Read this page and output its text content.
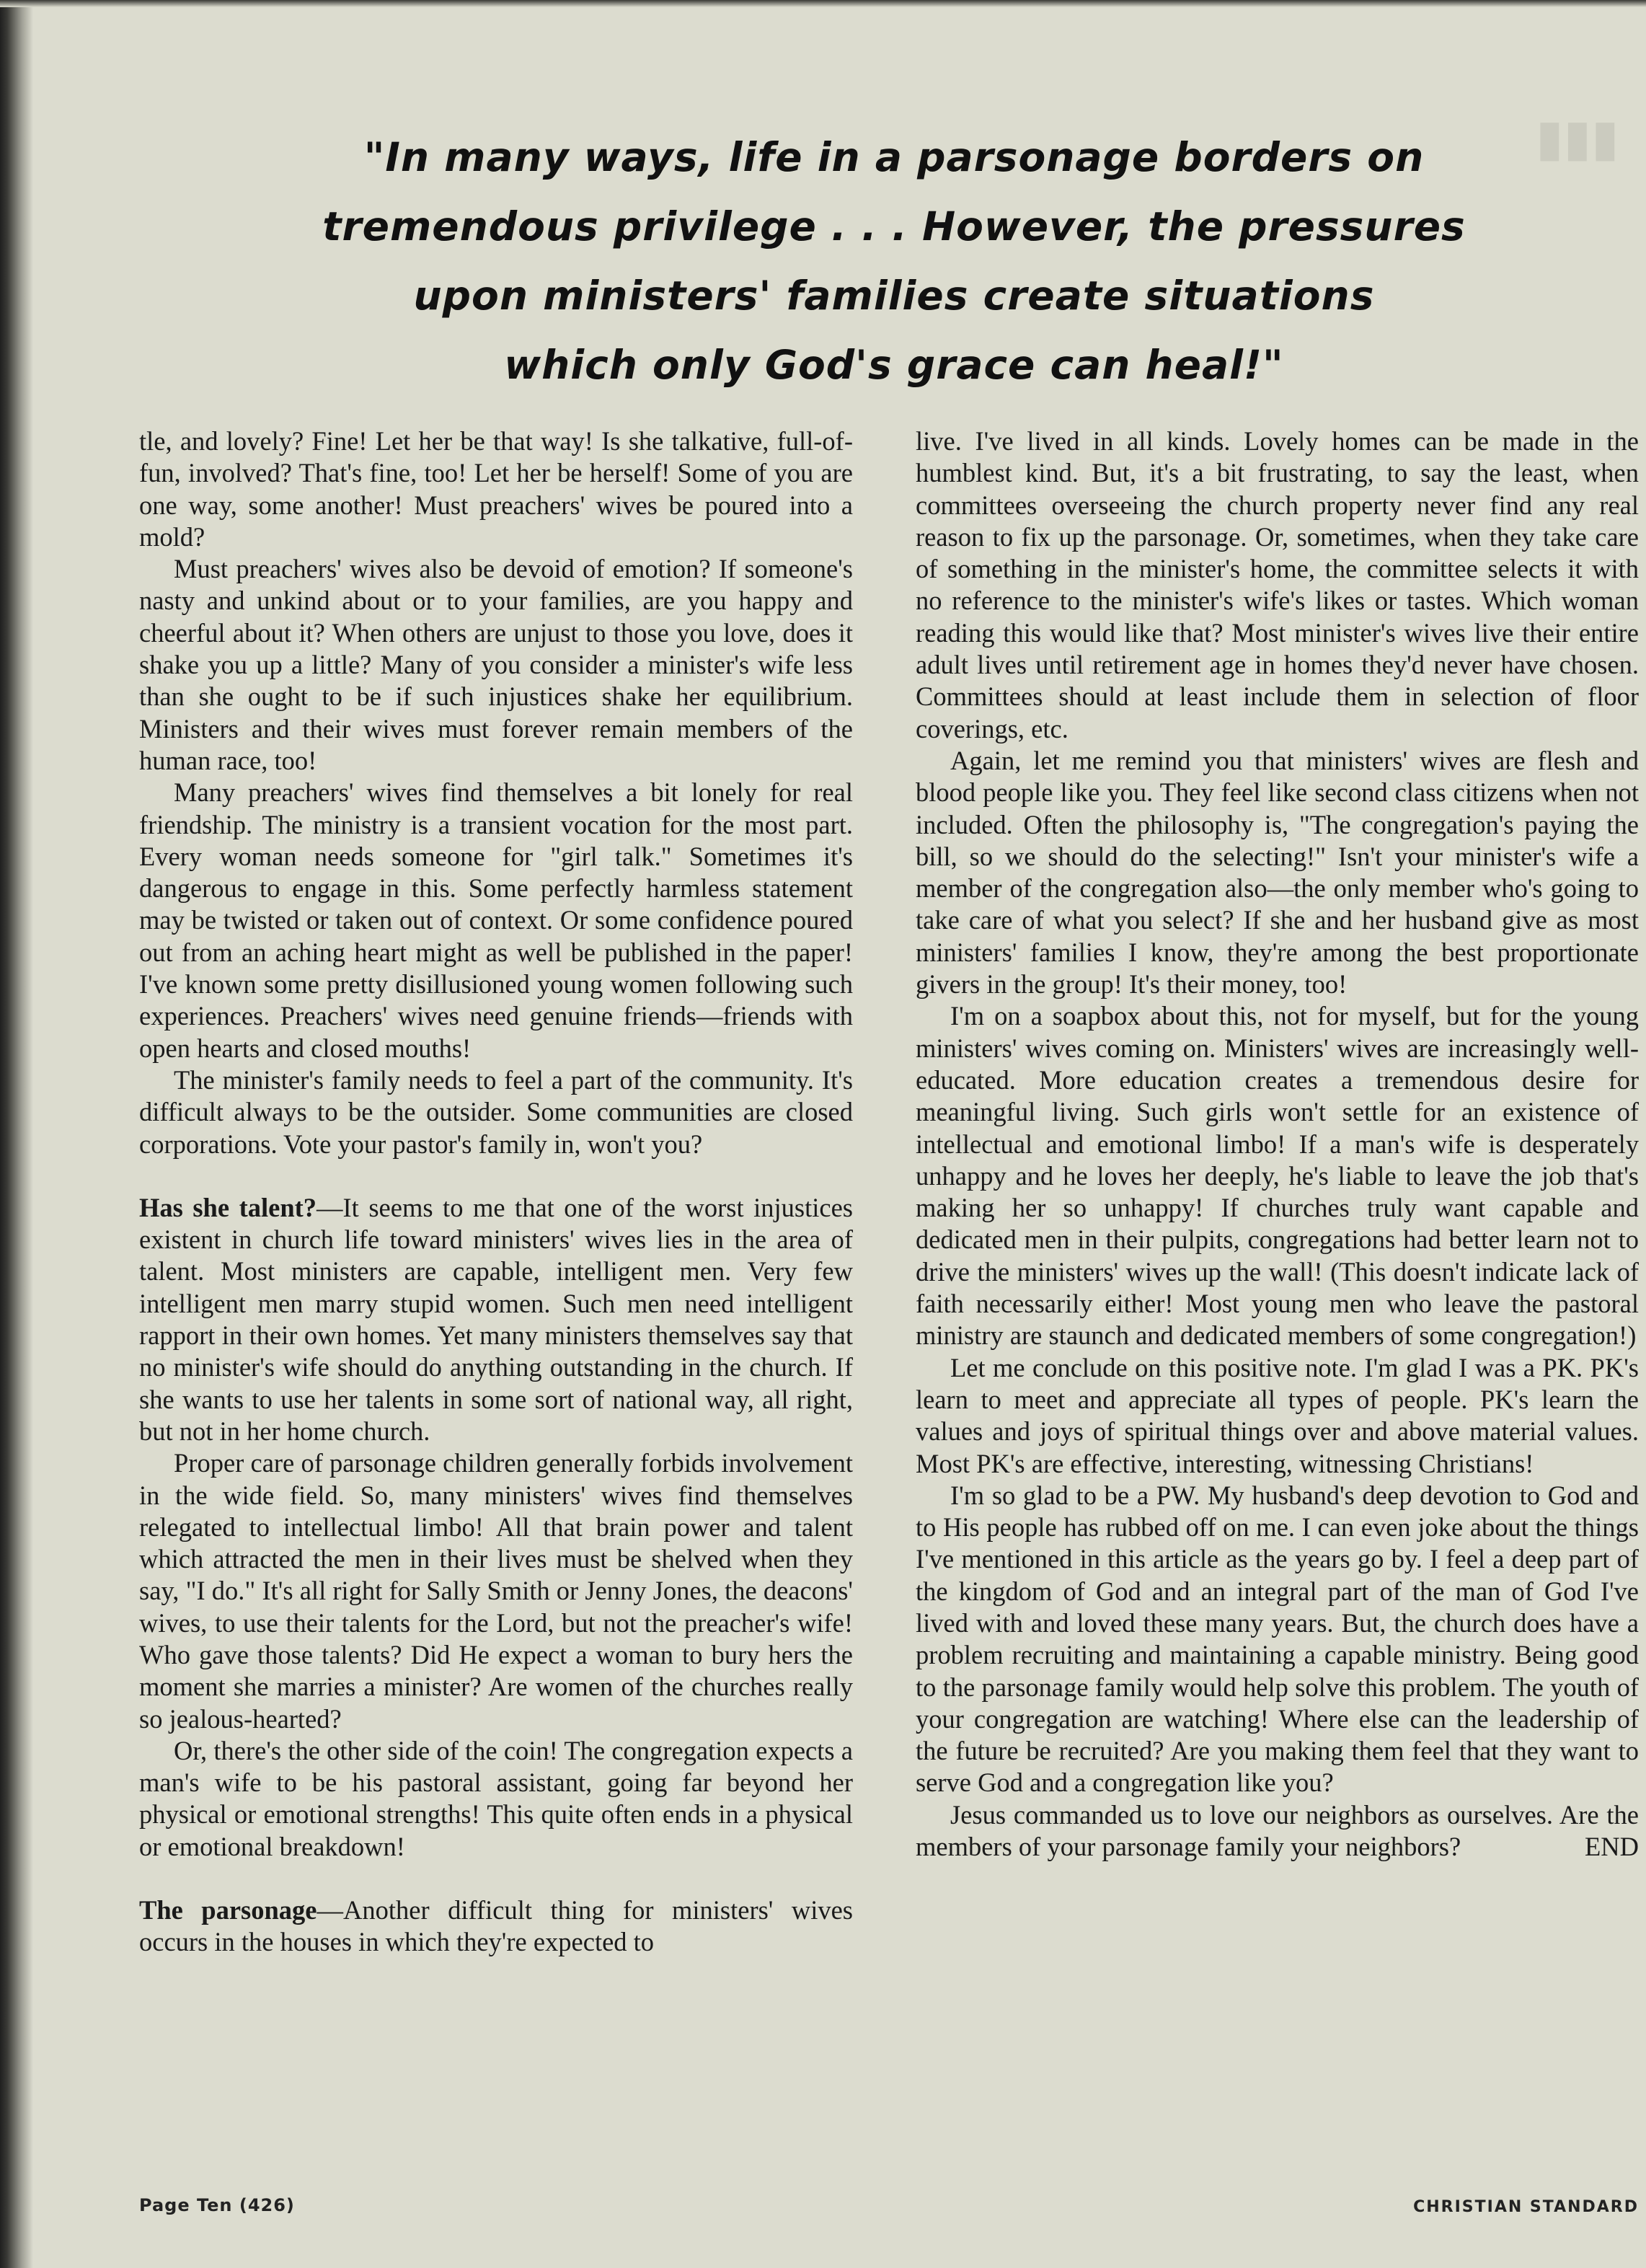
▮▮▮
"In many ways, life in a parsonage borders on
tremendous privilege . . . However, the pressures
upon ministers' families create situations
which only God's grace can heal!"

tle, and lovely? Fine! Let her be that way! Is she talkative, full-of-fun, involved? That's fine, too! Let her be herself! Some of you are one way, some another! Must preachers' wives be poured into a mold?

Must preachers' wives also be devoid of emotion? If someone's nasty and unkind about or to your families, are you happy and cheerful about it? When others are unjust to those you love, does it shake you up a little? Many of you consider a minister's wife less than she ought to be if such injustices shake her equilibrium. Ministers and their wives must forever remain members of the human race, too!

Many preachers' wives find themselves a bit lonely for real friendship. The ministry is a transient vocation for the most part. Every woman needs someone for "girl talk." Sometimes it's dangerous to engage in this. Some perfectly harmless statement may be twisted or taken out of context. Or some confidence poured out from an aching heart might as well be published in the paper! I've known some pretty disillusioned young women following such experiences. Preachers' wives need genuine friends—friends with open hearts and closed mouths!

The minister's family needs to feel a part of the community. It's difficult always to be the outsider. Some communities are closed corporations. Vote your pastor's family in, won't you?

Has she talent?—It seems to me that one of the worst injustices existent in church life toward ministers' wives lies in the area of talent. Most ministers are capable, intelligent men. Very few intelligent men marry stupid women. Such men need intelligent rapport in their own homes. Yet many ministers themselves say that no minister's wife should do anything outstanding in the church. If she wants to use her talents in some sort of national way, all right, but not in her home church.

Proper care of parsonage children generally forbids involvement in the wide field. So, many ministers' wives find themselves relegated to intellectual limbo! All that brain power and talent which attracted the men in their lives must be shelved when they say, "I do." It's all right for Sally Smith or Jenny Jones, the deacons' wives, to use their talents for the Lord, but not the preacher's wife! Who gave those talents? Did He expect a woman to bury hers the moment she marries a minister? Are women of the churches really so jealous-hearted?

Or, there's the other side of the coin! The congregation expects a man's wife to be his pastoral assistant, going far beyond her physical or emotional strengths! This quite often ends in a physical or emotional breakdown!

The parsonage—Another difficult thing for ministers' wives occurs in the houses in which they're expected to

live. I've lived in all kinds. Lovely homes can be made in the humblest kind. But, it's a bit frustrating, to say the least, when committees overseeing the church property never find any real reason to fix up the parsonage. Or, sometimes, when they take care of something in the minister's home, the committee selects it with no reference to the minister's wife's likes or tastes. Which woman reading this would like that? Most minister's wives live their entire adult lives until retirement age in homes they'd never have chosen. Committees should at least include them in selection of floor coverings, etc.

Again, let me remind you that ministers' wives are flesh and blood people like you. They feel like second class citizens when not included. Often the philosophy is, "The congregation's paying the bill, so we should do the selecting!" Isn't your minister's wife a member of the congregation also—the only member who's going to take care of what you select? If she and her husband give as most ministers' families I know, they're among the best proportionate givers in the group! It's their money, too!

I'm on a soapbox about this, not for myself, but for the young ministers' wives coming on. Ministers' wives are increasingly well-educated. More education creates a tremendous desire for meaningful living. Such girls won't settle for an existence of intellectual and emotional limbo! If a man's wife is desperately unhappy and he loves her deeply, he's liable to leave the job that's making her so unhappy! If churches truly want capable and dedicated men in their pulpits, congregations had better learn not to drive the ministers' wives up the wall! (This doesn't indicate lack of faith necessarily either! Most young men who leave the pastoral ministry are staunch and dedicated members of some congregation!)

Let me conclude on this positive note. I'm glad I was a PK. PK's learn to meet and appreciate all types of people. PK's learn the values and joys of spiritual things over and above material values. Most PK's are effective, interesting, witnessing Christians!

I'm so glad to be a PW. My husband's deep devotion to God and to His people has rubbed off on me. I can even joke about the things I've mentioned in this article as the years go by. I feel a deep part of the kingdom of God and an integral part of the man of God I've lived with and loved these many years. But, the church does have a problem recruiting and maintaining a capable ministry. Being good to the parsonage family would help solve this problem. The youth of your congregation are watching! Where else can the leadership of the future be recruited? Are you making them feel that they want to serve God and a congregation like you?

Jesus commanded us to love our neighbors as ourselves. Are the members of your parsonage family your neighbors?	END

Page Ten (426)	CHRISTIAN STANDARD
